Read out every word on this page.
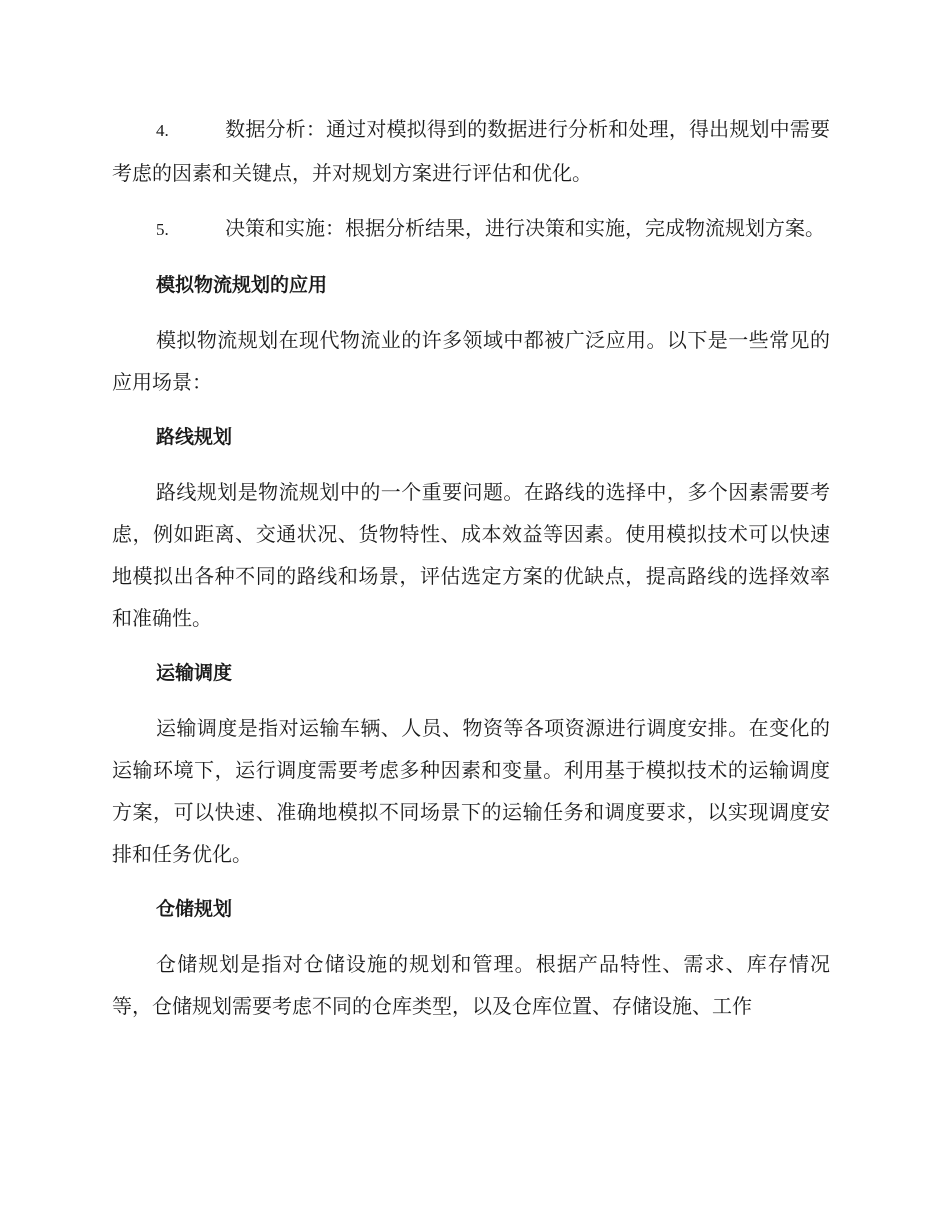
4.	数据分析：通过对模拟得到的数据进行分析和处理，得出规划中需要考虑的因素和关键点，并对规划方案进行评估和优化。

5.	决策和实施：根据分析结果，进行决策和实施，完成物流规划方案。

模拟物流规划的应用

模拟物流规划在现代物流业的许多领域中都被广泛应用。以下是一些常见的应用场景：

路线规划

路线规划是物流规划中的一个重要问题。在路线的选择中，多个因素需要考虑，例如距离、交通状况、货物特性、成本效益等因素。使用模拟技术可以快速地模拟出各种不同的路线和场景，评估选定方案的优缺点，提高路线的选择效率和准确性。

运输调度

运输调度是指对运输车辆、人员、物资等各项资源进行调度安排。在变化的运输环境下，运行调度需要考虑多种因素和变量。利用基于模拟技术的运输调度方案，可以快速、准确地模拟不同场景下的运输任务和调度要求，以实现调度安排和任务优化。

仓储规划

仓储规划是指对仓储设施的规划和管理。根据产品特性、需求、库存情况等，仓储规划需要考虑不同的仓库类型，以及仓库位置、存储设施、工作
